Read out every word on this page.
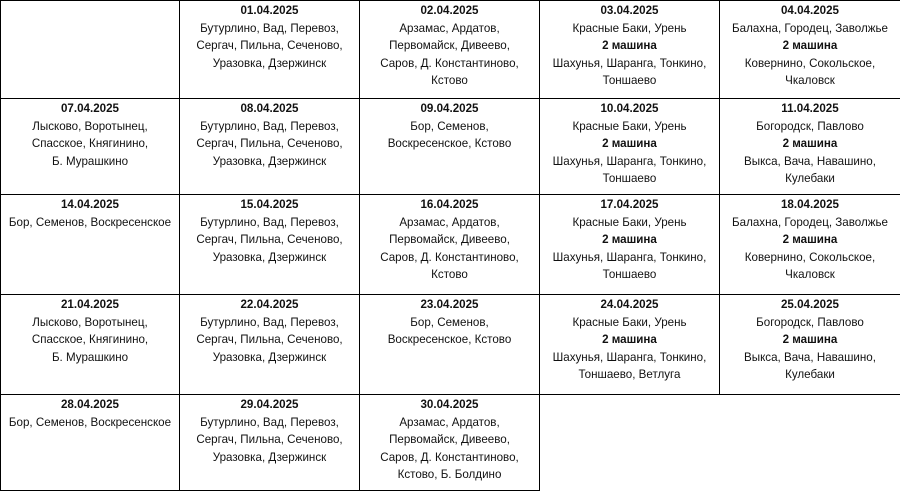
01.04.2025
Бутурлино, Вад, Перевоз,
Сергач, Пильна, Сеченово,
Уразовка, Дзержинск
02.04.2025
Арзамас, Ардатов,
Первомайск, Дивеево,
Саров, Д. Константиново,
Кстово
03.04.2025
Красные Баки, Урень
2 машина
Шахунья, Шаранга, Тонкино,
Тоншаево
04.04.2025
Балахна, Городец, Заволжье
2 машина
Ковернино, Сокольское,
Чкаловск
07.04.2025
Лысково, Воротынец,
Спасское, Княгинино,
Б. Мурашкино
08.04.2025
Бутурлино, Вад, Перевоз,
Сергач, Пильна, Сеченово,
Уразовка, Дзержинск
09.04.2025
Бор, Семенов,
Воскресенское, Кстово
10.04.2025
Красные Баки, Урень
2 машина
Шахунья, Шаранга, Тонкино,
Тоншаево
11.04.2025
Богородск, Павлово
2 машина
Выкса, Вача, Навашино,
Кулебаки
14.04.2025
Бор, Семенов, Воскресенское
15.04.2025
Бутурлино, Вад, Перевоз,
Сергач, Пильна, Сеченово,
Уразовка, Дзержинск
16.04.2025
Арзамас, Ардатов,
Первомайск, Дивеево,
Саров, Д. Константиново,
Кстово
17.04.2025
Красные Баки, Урень
2 машина
Шахунья, Шаранга, Тонкино,
Тоншаево
18.04.2025
Балахна, Городец, Заволжье
2 машина
Ковернино, Сокольское,
Чкаловск
21.04.2025
Лысково, Воротынец,
Спасское, Княгинино,
Б. Мурашкино
22.04.2025
Бутурлино, Вад, Перевоз,
Сергач, Пильна, Сеченово,
Уразовка, Дзержинск
23.04.2025
Бор, Семенов,
Воскресенское, Кстово
24.04.2025
Красные Баки, Урень
2 машина
Шахунья, Шаранга, Тонкино,
Тоншаево, Ветлуга
25.04.2025
Богородск, Павлово
2 машина
Выкса, Вача, Навашино,
Кулебаки
28.04.2025
Бор, Семенов, Воскресенское
29.04.2025
Бутурлино, Вад, Перевоз,
Сергач, Пильна, Сеченово,
Уразовка, Дзержинск
30.04.2025
Арзамас, Ардатов,
Первомайск, Дивеево,
Саров, Д. Константиново,
Кстово, Б. Болдино
